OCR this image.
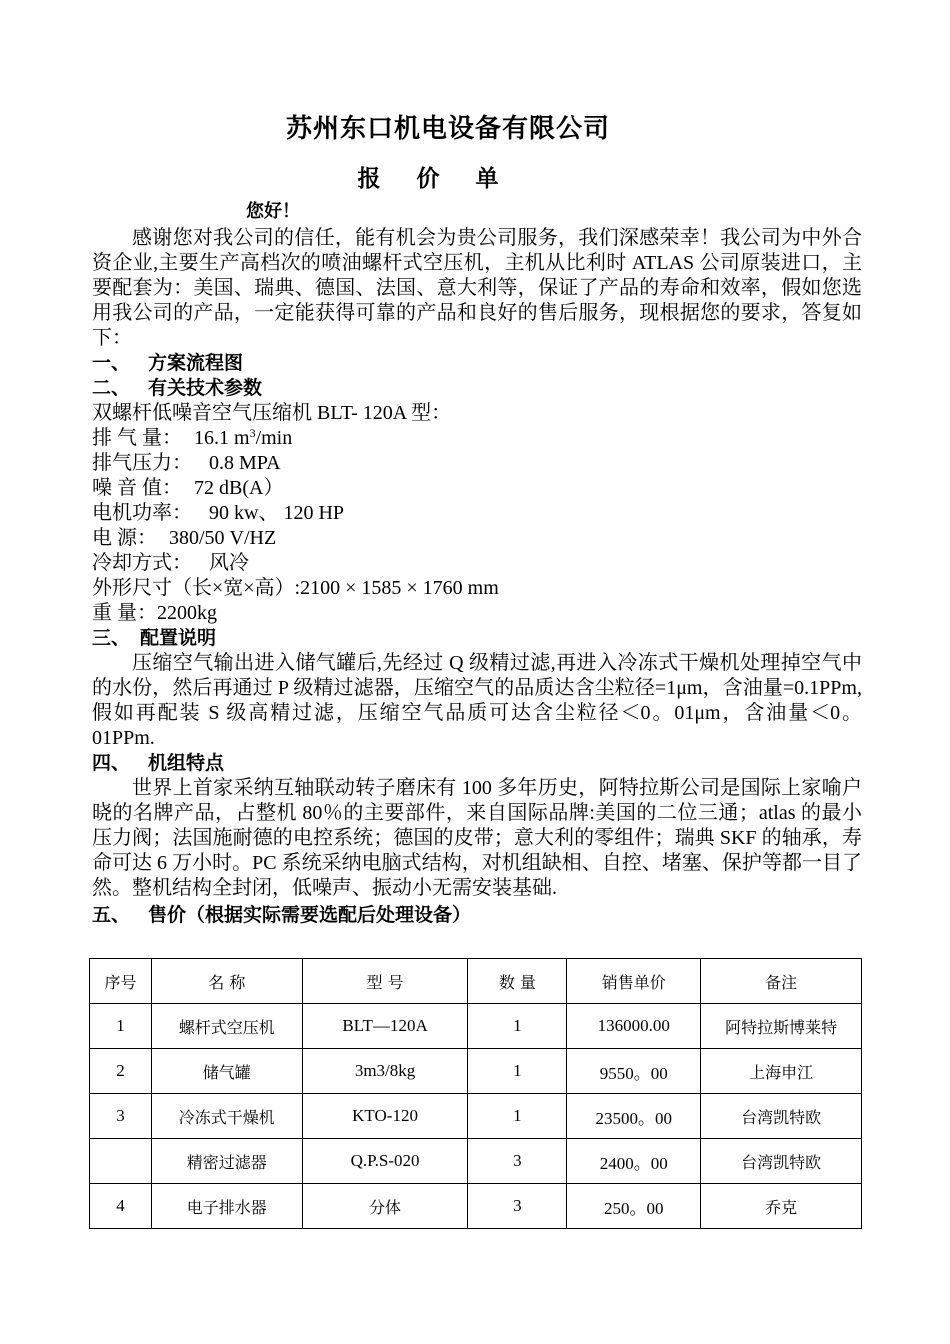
苏州东口机电设备有限公司
报 价 单
您好！

感谢您对我公司的信任，能有机会为贵公司服务，我们深感荣幸！我公司为中外合资企业,主要生产高档次的喷油螺杆式空压机，主机从比利时 ATLAS 公司原装进口，主要配套为：美国、瑞典、德国、法国、意大利等，保证了产品的寿命和效率，假如您选用我公司的产品，一定能获得可靠的产品和良好的售后服务，现根据您的要求，答复如下：

一、 方案流程图

二、 有关技术参数

双螺杆低噪音空气压缩机 BLT- 120A 型：

排 气 量： 16.1 $m^3/\min$

排气压力： 0.8 MPA

噪 音 值： 72 dB(A）

电机功率： 90 kw、 120 HP

电 源： 380/50 V/HZ

冷却方式： 风冷

外形尺寸（长×宽×高）:2100 × 1585 × 1760 mm

重 量：2200kg

三、 配置说明

压缩空气输出进入储气罐后,先经过 Q 级精过滤,再进入冷冻式干燥机处理掉空气中的水份，然后再通过 P 级精过滤器，压缩空气的品质达含尘粒径=1μm，含油量=0.1PPm,假如再配装 S 级高精过滤，压缩空气品质可达含尘粒径＜0。01μm，含油量＜0。01PPm.

四、 机组特点

世界上首家采纳互轴联动转子磨床有 100 多年历史，阿特拉斯公司是国际上家喻户晓的名牌产品，占整机 80％的主要部件，来自国际品牌:美国的二位三通；atlas 的最小压力阀；法国施耐德的电控系统；德国的皮带；意大利的零组件；瑞典 SKF 的轴承，寿命可达 6 万小时。PC 系统采纳电脑式结构，对机组缺相、自控、堵塞、保护等都一目了然。整机结构全封闭，低噪声、振动小无需安装基础.

五、 售价（根据实际需要选配后处理设备）

序号	名 称	型 号	数 量	销售单价	备注
1	螺杆式空压机	BLT—120A	1	136000.00	阿特拉斯博莱特
2	储气罐	3m3/8kg	1	9550。00	上海申江
3	冷冻式干燥机	KTO-120	1	23500。00	台湾凯特欧
	精密过滤器	Q.P.S-020	3	2400。00	台湾凯特欧
4	电子排水器	分体	3	250。00	乔克
